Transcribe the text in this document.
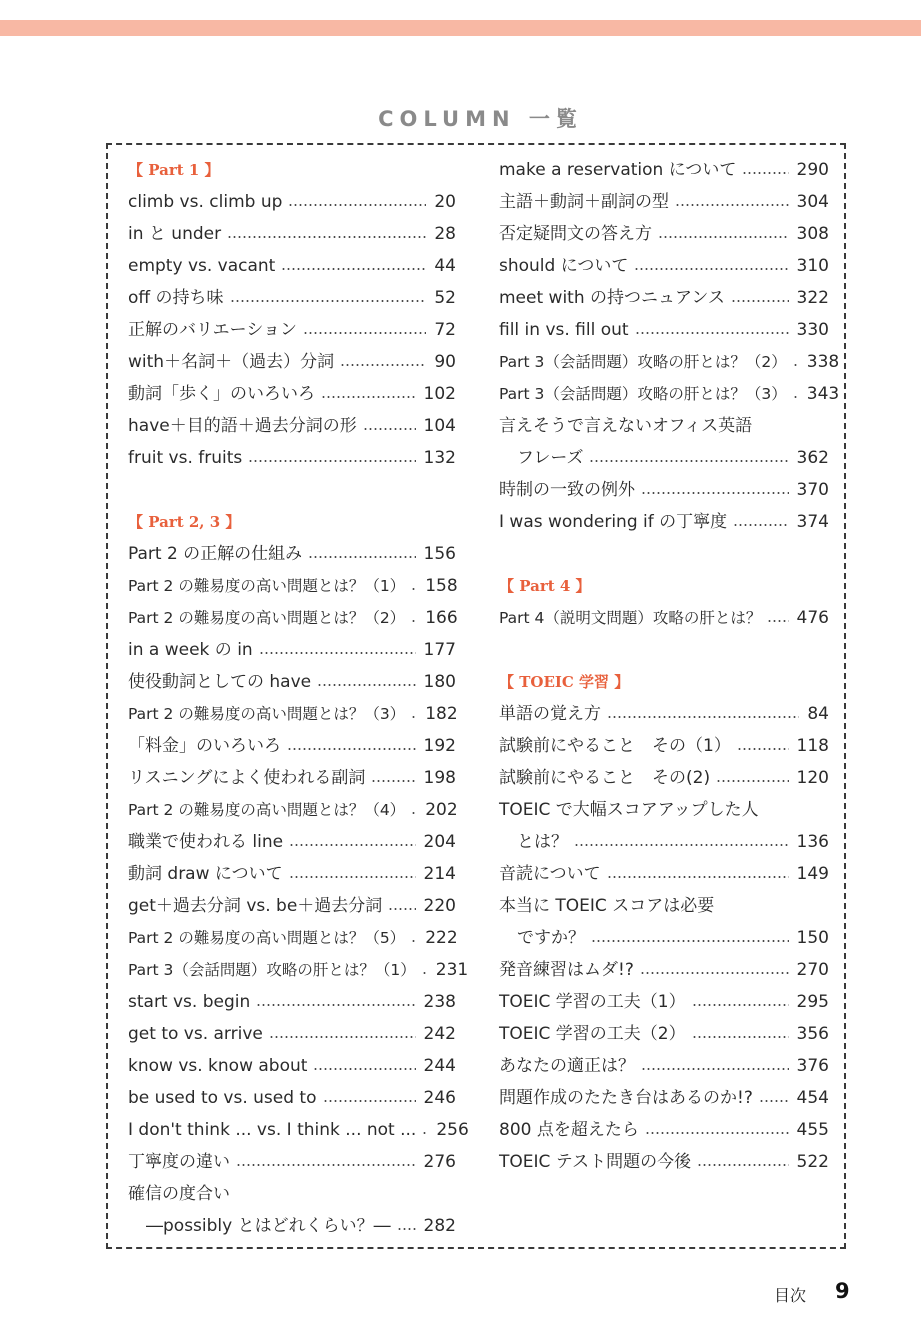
COLUMN 一覧
【 Part 1 】
climb vs. climb up	20
in と under	28
empty vs. vacant	44
off の持ち味	52
正解のバリエーション	72
with＋名詞＋（過去）分詞	90
動詞「歩く」のいろいろ	102
have＋目的語＋過去分詞の形	104
fruit vs. fruits	132
【 Part 2, 3 】
Part 2 の正解の仕組み	156
Part 2 の難易度の高い問題とは？（1） 158
Part 2 の難易度の高い問題とは？（2） 166
in a week の in	177
使役動詞としての have	180
Part 2 の難易度の高い問題とは？（3） 182
「料金」のいろいろ	192
リスニングによく使われる副詞	198
Part 2 の難易度の高い問題とは？（4） 202
職業で使われる line	204
動詞 draw について	214
get＋過去分詞 vs. be＋過去分詞 220
Part 2 の難易度の高い問題とは？（5） 222
Part 3（会話問題）攻略の肝とは？（1） 231
start vs. begin	238
get to vs. arrive	242
know vs. know about	244
be used to vs. used to	246
I don't think ... vs. I think ... not ... 256
丁寧度の違い	276
確信の度合い
―possibly とはどれくらい？― 282
make a reservation について	290
主語＋動詞＋副詞の型	304
否定疑問文の答え方	308
should について	310
meet with の持つニュアンス	322
fill in vs. fill out	330
Part 3（会話問題）攻略の肝とは？（2） 338
Part 3（会話問題）攻略の肝とは？（3） 343
言えそうで言えないオフィス英語
フレーズ	362
時制の一致の例外	370
I was wondering if の丁寧度	374
【 Part 4 】
Part 4（説明文問題）攻略の肝とは？ 476
【 TOEIC 学習 】
単語の覚え方	84
試験前にやること　その（1）	118
試験前にやること　その(2)	120
TOEIC で大幅スコアアップした人
とは？	136
音読について	149
本当に TOEIC スコアは必要
ですか？	150
発音練習はムダ!?	270
TOEIC 学習の工夫（1）	295
TOEIC 学習の工夫（2）	356
あなたの適正は？	376
問題作成のたたき台はあるのか!?	454
800 点を超えたら	455
TOEIC テスト問題の今後	522
目次 9
